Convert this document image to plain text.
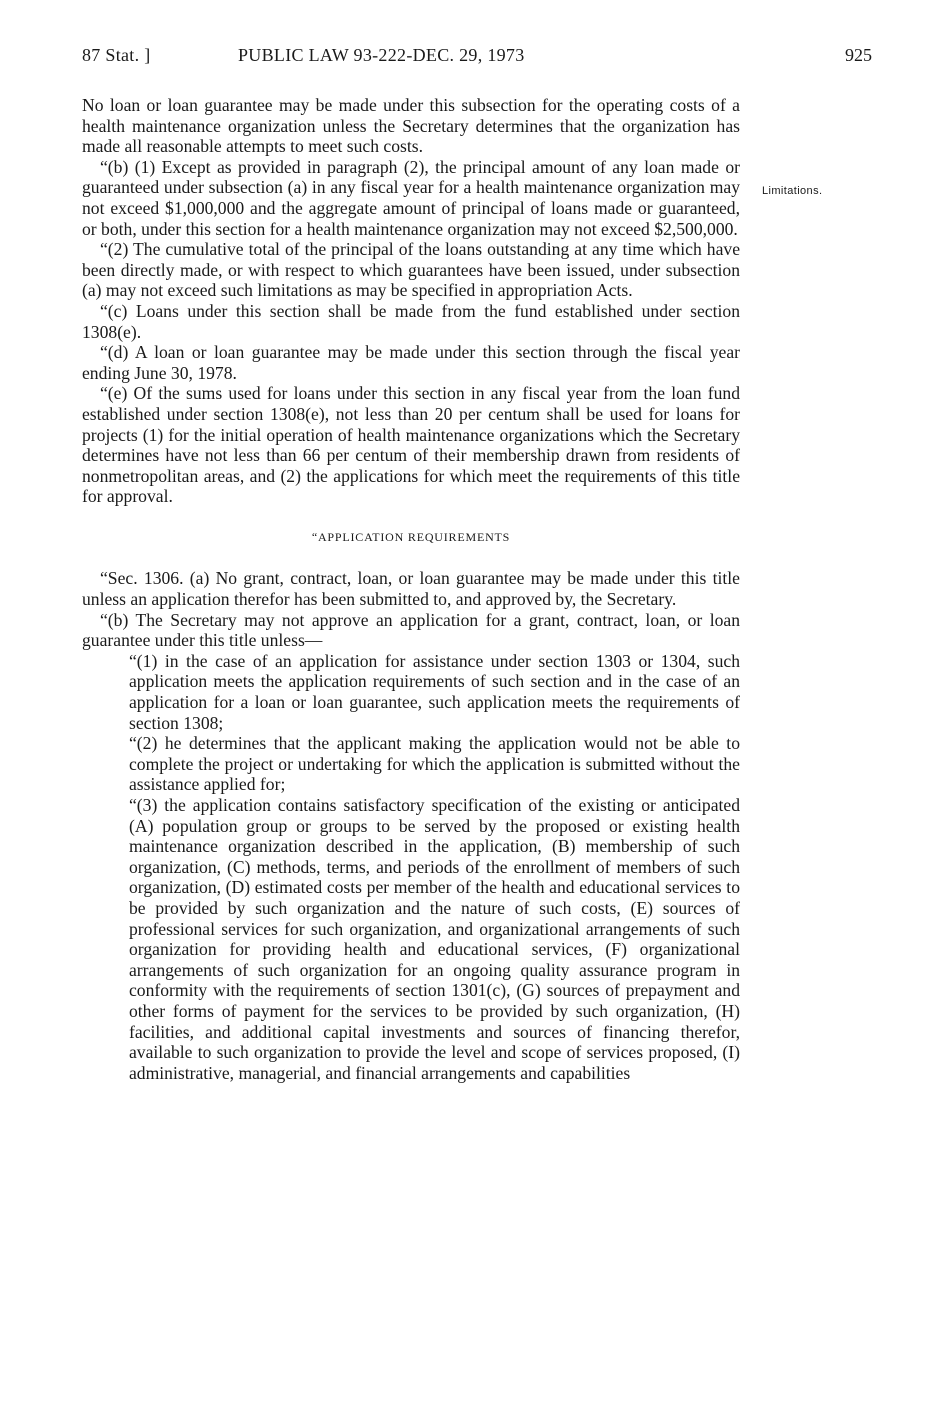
87 Stat. ]	PUBLIC LAW 93-222-DEC. 29, 1973	925
Limitations.

No loan or loan guarantee may be made under this subsection for the operating costs of a health maintenance organization unless the Secretary determines that the organization has made all reasonable attempts to meet such costs.

“(b) (1) Except as provided in paragraph (2), the principal amount of any loan made or guaranteed under subsection (a) in any fiscal year for a health maintenance organization may not exceed $1,000,000 and the aggregate amount of principal of loans made or guaranteed, or both, under this section for a health maintenance organization may not exceed $2,500,000.

“(2) The cumulative total of the principal of the loans outstanding at any time which have been directly made, or with respect to which guarantees have been issued, under subsection (a) may not exceed such limitations as may be specified in appropriation Acts.

“(c) Loans under this section shall be made from the fund established under section 1308(e).

“(d) A loan or loan guarantee may be made under this section through the fiscal year ending June 30, 1978.

“(e) Of the sums used for loans under this section in any fiscal year from the loan fund established under section 1308(e), not less than 20 per centum shall be used for loans for projects (1) for the initial operation of health maintenance organizations which the Secretary determines have not less than 66 per centum of their membership drawn from residents of nonmetropolitan areas, and (2) the applications for which meet the requirements of this title for approval.

“APPLICATION REQUIREMENTS

“Sec. 1306. (a) No grant, contract, loan, or loan guarantee may be made under this title unless an application therefor has been submitted to, and approved by, the Secretary.

“(b) The Secretary may not approve an application for a grant, contract, loan, or loan guarantee under this title unless—

“(1) in the case of an application for assistance under section 1303 or 1304, such application meets the application requirements of such section and in the case of an application for a loan or loan guarantee, such application meets the requirements of section 1308;

“(2) he determines that the applicant making the application would not be able to complete the project or undertaking for which the application is submitted without the assistance applied for;

“(3) the application contains satisfactory specification of the existing or anticipated (A) population group or groups to be served by the proposed or existing health maintenance organization described in the application, (B) membership of such organization, (C) methods, terms, and periods of the enrollment of members of such organization, (D) estimated costs per member of the health and educational services to be provided by such organization and the nature of such costs, (E) sources of professional services for such organization, and organizational arrangements of such organization for providing health and educational services, (F) organizational arrangements of such organization for an ongoing quality assurance program in conformity with the requirements of section 1301(c), (G) sources of prepayment and other forms of payment for the services to be provided by such organization, (H) facilities, and additional capital investments and sources of financing therefor, available to such organization to provide the level and scope of services proposed, (I) administrative, managerial, and financial arrangements and capabilities
